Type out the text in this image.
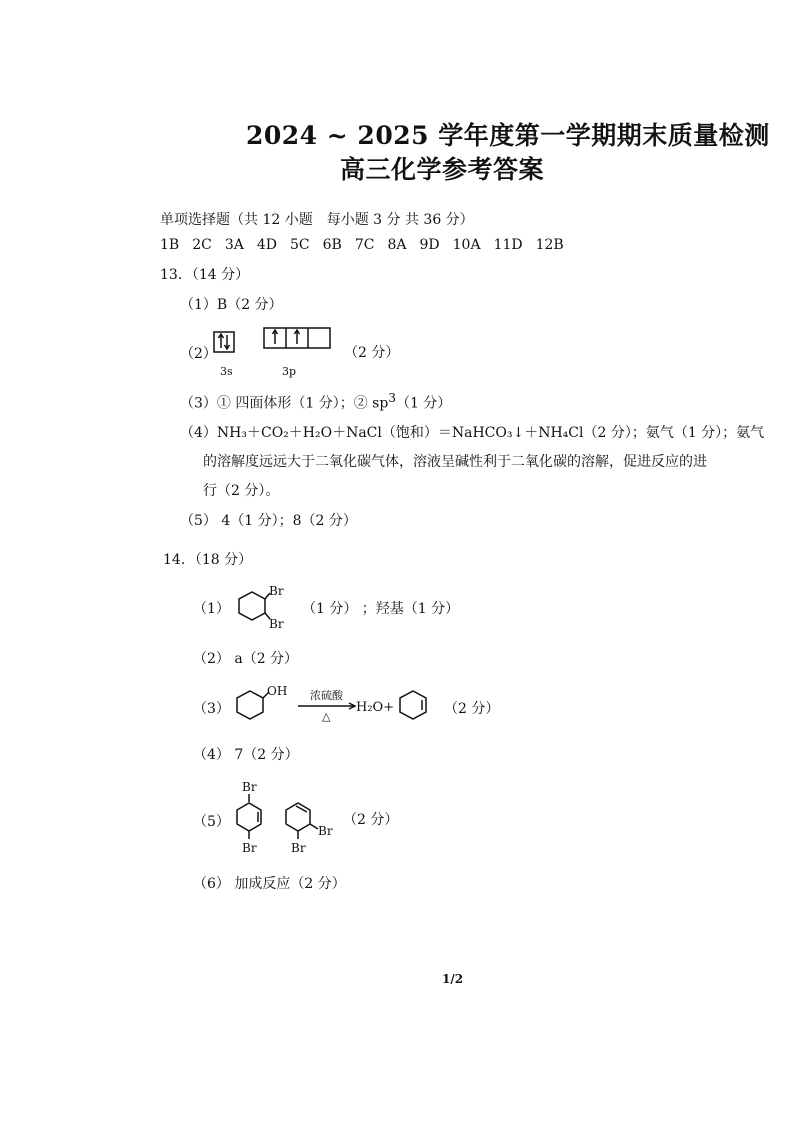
2024 ~ 2025 学年度第一学期期末质量检测
高三化学参考答案
单项选择题（共 12 小题　每小题 3 分 共 36 分）
1B 2C 3A 4D 5C 6B 7C 8A 9D 10A 11D 12B
13．（14 分）
（1）B（2 分）
（2）
3s	3p
（2 分）
（3）① 四面体形（1 分）；② $sp^3(1$ 分）
（4）NH₃＋CO₂＋H₂O＋NaCl（饱和）＝NaHCO₃↓＋NH₄Cl（2 分）；氨气（1 分）；氨气
的溶解度远远大于二氧化碳气体，溶液呈碱性利于二氧化碳的溶解，促进反应的进
行（2 分）。
（5） 4（1 分）；8（2 分）
14．（18 分）
（1）
Br
Br
（1 分） ；羟基（1 分）
（2） a（2 分）
（3）
OH 浓硫酸
△
H₂O+	（2 分）
（4） 7（2 分）
（5）
Br
Br
Br
Br
（2 分）
（6） 加成反应（2 分）
1/2
